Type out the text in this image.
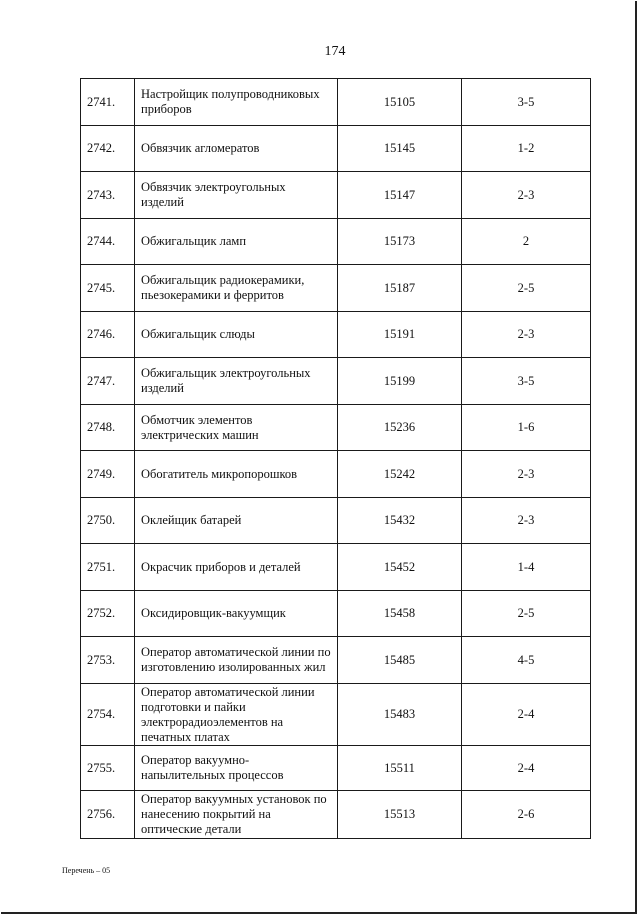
174
2741.	Настройщик полупроводниковых приборов	15105	3-5
2742.	Обвязчик агломератов	15145	1-2
2743.	Обвязчик электроугольных изделий	15147	2-3
2744.	Обжигальщик ламп	15173	2
2745.	Обжигальщик радиокерамики, пьезокерамики и ферритов	15187	2-5
2746.	Обжигальщик слюды	15191	2-3
2747.	Обжигальщик электроугольных изделий	15199	3-5
2748.	Обмотчик элементов электрических машин	15236	1-6
2749.	Обогатитель микропорошков	15242	2-3
2750.	Оклейщик батарей	15432	2-3
2751.	Окрасчик приборов и деталей	15452	1-4
2752.	Оксидировщик-вакуумщик	15458	2-5
2753.	Оператор автоматической линии по изготовлению изолированных жил	15485	4-5
2754.	Оператор автоматической линии подготовки и пайки электрорадиоэлементов на печатных платах	15483	2-4
2755.	Оператор вакуумно-напылительных процессов	15511	2-4
2756.	Оператор вакуумных установок по нанесению покрытий на оптические детали	15513	2-6
Перечень – 05
